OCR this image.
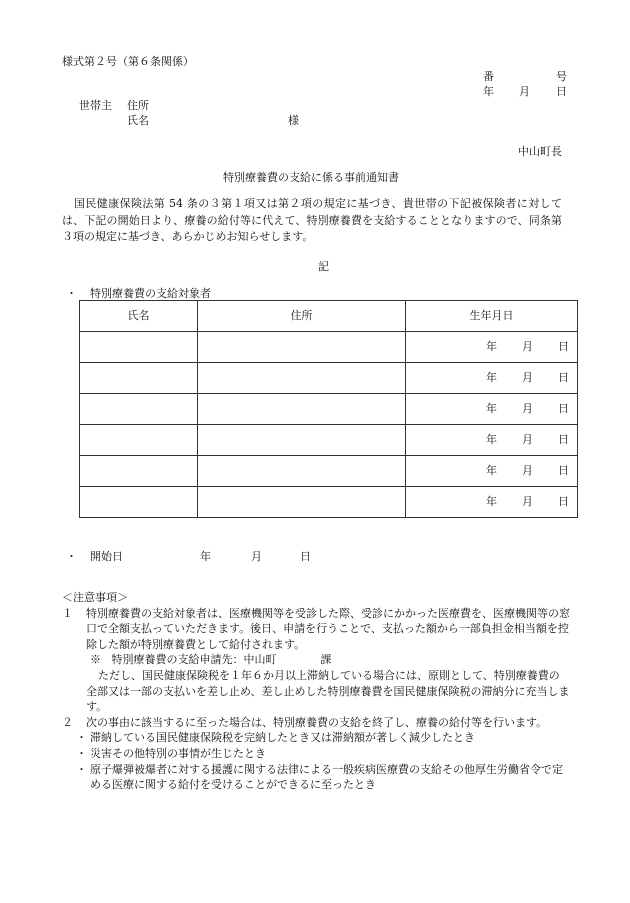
様式第２号（第６条関係）
番	号
年 月 日
世帯主 住所
氏名	様
中山町長
特別療養費の支給に係る事前通知書
国民健康保険法第 54 条の３第１項又は第２項の規定に基づき、貴世帯の下記被保険者に対しては、下記の開始日より、療養の給付等に代えて、特別療養費を支給することとなりますので、同条第３項の規定に基づき、あらかじめお知らせします。
記
・ 特別療養費の支給対象者
氏名	住所	生年月日

		年 月 日

		年 月 日

		年 月 日

		年 月 日

		年 月 日

		年 月 日
・ 開始日	年	月	日
＜注意事項＞
１	特別療養費の支給対象者は、医療機関等を受診した際、受診にかかった医療費を、医療機関等の窓口で全額支払っていただきます。後日、申請を行うことで、支払った額から一部負担金相当額を控除した額が特別療養費として給付されます。
※ 特別療養費の支給申請先：中山町　　　　課
ただし、国民健康保険税を１年６か月以上滞納している場合には、原則として、特別療養費の全部又は一部の支払いを差し止め、差し止めした特別療養費を国民健康保険税の滞納分に充当します。
２	次の事由に該当するに至った場合は、特別療養費の支給を終了し、療養の給付等を行います。
・ 滞納している国民健康保険税を完納したとき又は滞納額が著しく減少したとき
・ 災害その他特別の事情が生じたとき
・ 原子爆弾被爆者に対する援護に関する法律による一般疾病医療費の支給その他厚生労働省令で定める医療に関する給付を受けることができるに至ったとき
